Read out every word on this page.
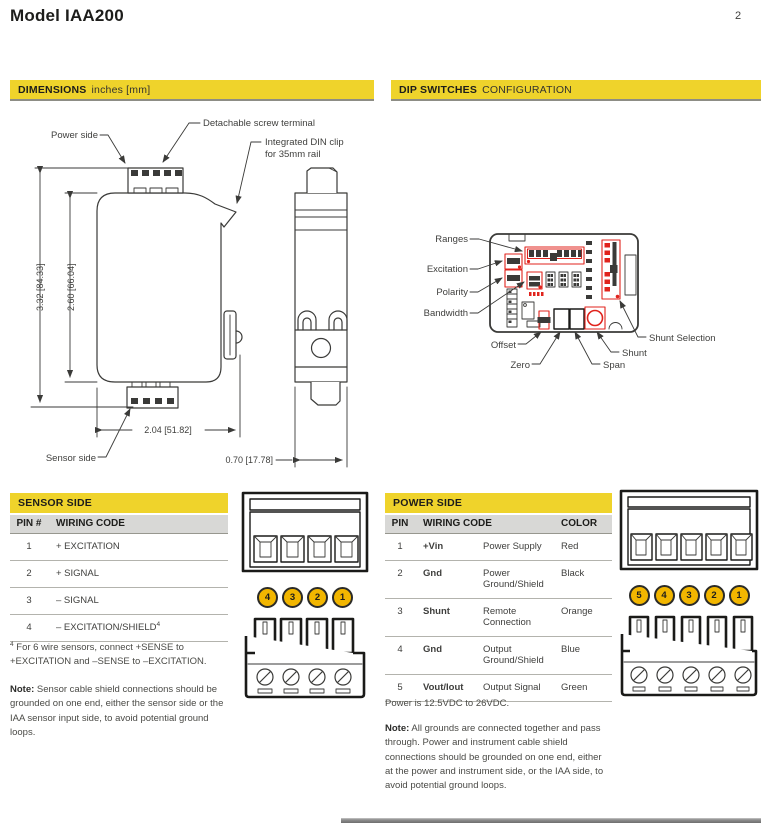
Model IAA200	2
DIMENSIONS inches [mm]	DIP SWITCHES CONFIGURATION
3.32 [84.33] 2.60 [66.04]
2.04 [51.82]
0.70 [17.78]
Power side
Detachable screw terminal
Integrated DIN clip
for 35mm rail
Sensor side
Ranges
Excitation
Polarity
Bandwidth
Offset
Zero	Span
Shunt
Shunt Selection
SENSOR SIDE	
PIN #	WIRING CODE
1	+ EXCITATION
2	+ SIGNAL
3	– SIGNAL
4	– EXCITATION/SHIELD$^4$
$^4$ For 6 wire sensors, connect +SENSE to +EXCITATION and –SENSE to –EXCITATION.
Note: Sensor cable shield connections should be grounded on one end, either the sensor side or the IAA sensor input side, to avoid potential ground loops.
4	3	2	1
POWER SIDE			
PIN	WIRING CODE		COLOR
1	+Vin	Power Supply	Red
2	Gnd	Power Ground/Shield	Black
3	Shunt	Remote Connection	Orange
4	Gnd	Output Ground/Shield	Blue
5	Vout/Iout	Output Signal	Green
Power is 12.5VDC to 26VDC.
Note: All grounds are connected together and pass through. Power and instrument cable shield connections should be grounded on one end, either at the power and instrument side, or the IAA side, to avoid potential ground loops.
5	4	3	2	1
